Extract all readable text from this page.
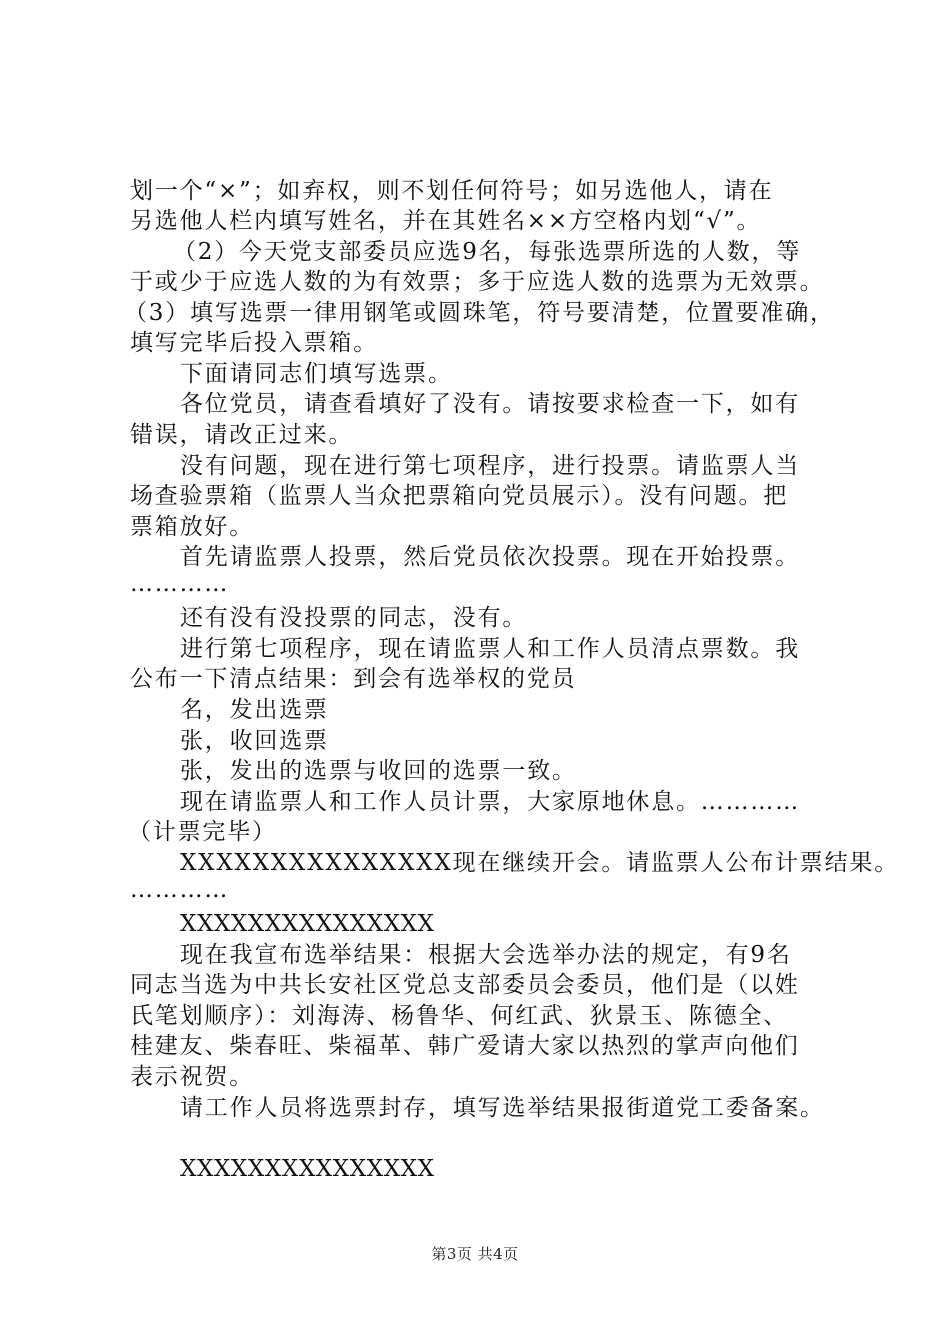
划一个“×”；如弃权，则不划任何符号；如另选他人，请在
另选他人栏内填写姓名，并在其姓名××方空格内划“√”。
（2）今天党支部委员应选9名，每张选票所选的人数，等
于或少于应选人数的为有效票；多于应选人数的选票为无效票。
（3）填写选票一律用钢笔或圆珠笔，符号要清楚，位置要准确，
填写完毕后投入票箱。
下面请同志们填写选票。
各位党员，请查看填好了没有。请按要求检查一下，如有
错误，请改正过来。
没有问题，现在进行第七项程序，进行投票。请监票人当
场查验票箱（监票人当众把票箱向党员展示）。没有问题。把
票箱放好。
首先请监票人投票，然后党员依次投票。现在开始投票。
…………
还有没有没投票的同志，没有。
进行第七项程序，现在请监票人和工作人员清点票数。我
公布一下清点结果：到会有选举权的党员
名，发出选票
张，收回选票
张，发出的选票与收回的选票一致。
现在请监票人和工作人员计票，大家原地休息。…………
（计票完毕）
XXXXXXXXXXXXXXX现在继续开会。请监票人公布计票结果。
…………
XXXXXXXXXXXXXXX
现在我宣布选举结果：根据大会选举办法的规定，有9名
同志当选为中共长安社区党总支部委员会委员，他们是（以姓
氏笔划顺序）：刘海涛、杨鲁华、何红武、狄景玉、陈德全、
桂建友、柴春旺、柴福革、韩广爱请大家以热烈的掌声向他们
表示祝贺。
请工作人员将选票封存，填写选举结果报街道党工委备案。
XXXXXXXXXXXXXXX
第3页 共4页
